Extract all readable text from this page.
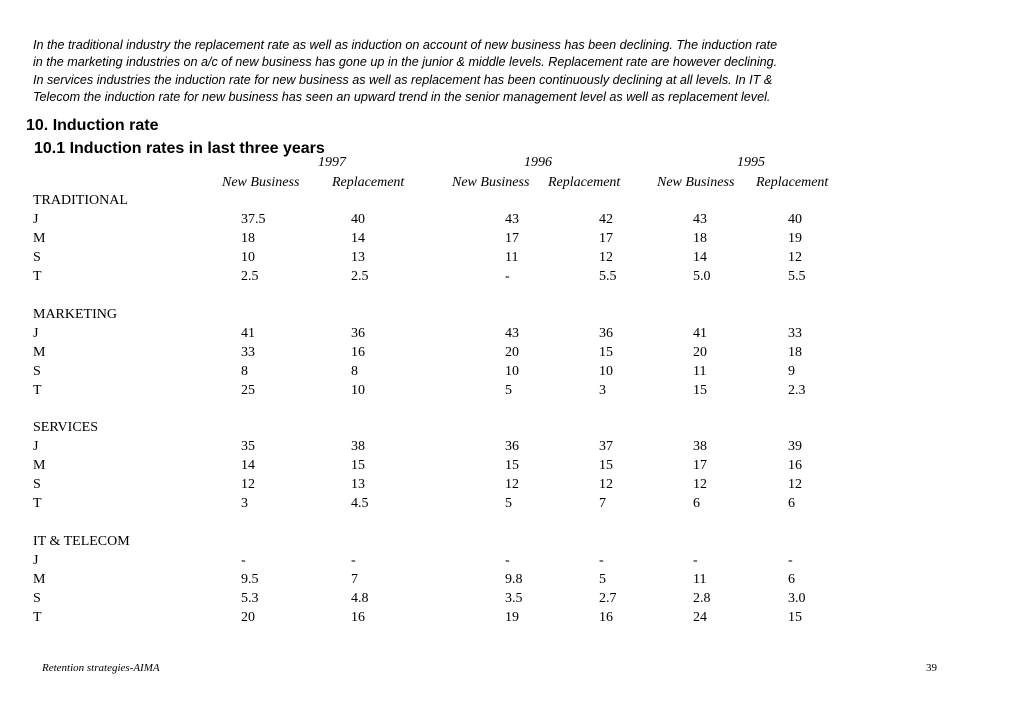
In the traditional industry the replacement rate as well as induction on account of new business has been declining. The induction rate
in the marketing industries on a/c of new business has gone up in the junior & middle levels. Replacement rate are however declining.
In services industries the induction rate for new business as well as replacement has been continuously declining at all levels. In IT &
Telecom the induction rate for new business has seen an upward trend in the senior management level as well as replacement level.
10. Induction rate
1997	1996	1995
New Business Replacement	New Business Replacement	New Business Replacement
TRADITIONAL
J	37.5	40	43	42	43	40
M	18	14	17	17	18	19
S	10	13	11	12	14	12
T	2.5	2.5	-	5.5	5.0	5.5
MARKETING
J	41	36	43	36	41	33
M	33	16	20	15	20	18
S	8	8	10	10	11	9
T	25	10	5	3	15	2.3
SERVICES
J	35	38	36	37	38	39
M	14	15	15	15	17	16
S	12	13	12	12	12	12
T	3	4.5	5	7	6	6
IT & TELECOM
J	-	-	-	-	-	-
M	9.5	7	9.8	5	11	6
S	5.3	4.8	3.5	2.7	2.8	3.0
T	20	16	19	16	24	15
10.1 Induction rates in last three years
Retention strategies-AIMA	39
